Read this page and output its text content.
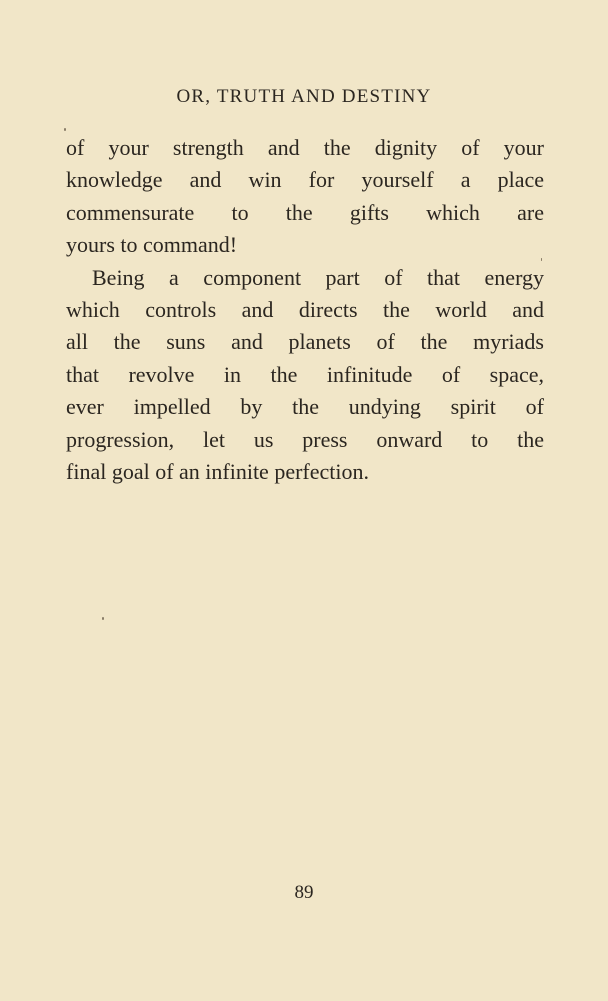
OR, TRUTH AND DESTINY
of your strength and the dignity of your
knowledge and win for yourself a place
commensurate to the gifts which are
yours to command!
Being a component part of that energy
which controls and directs the world and
all the suns and planets of the myriads
that revolve in the infinitude of space,
ever impelled by the undying spirit of
progression, let us press onward to the
final goal of an infinite perfection.
89
